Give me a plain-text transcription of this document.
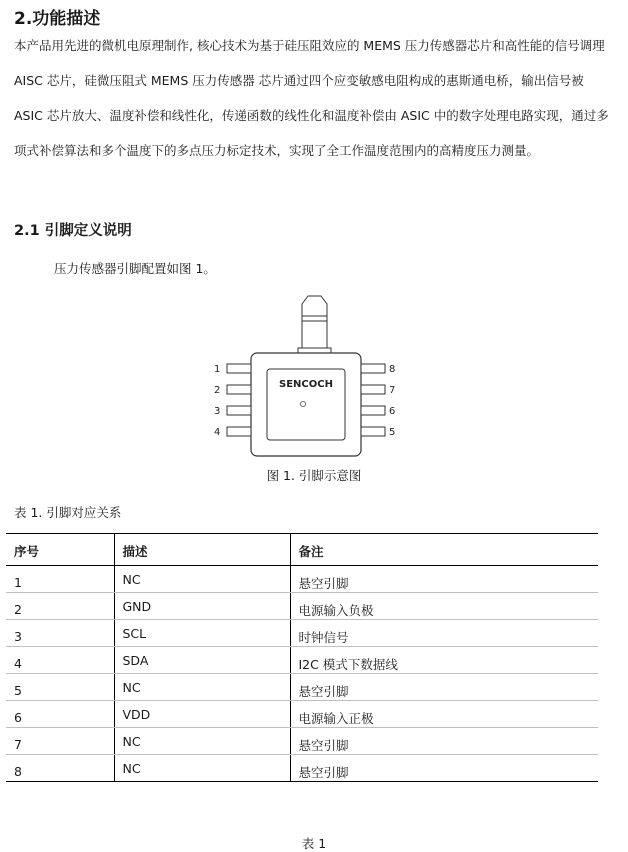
2.功能描述

本产品用先进的微机电原理制作, 核心技术为基于硅压阻效应的 MEMS 压力传感器芯片和高性能的信号调理 AISC 芯片，硅微压阻式 MEMS 压力传感器 芯片通过四个应变敏感电阻构成的惠斯通电桥，输出信号被 ASIC 芯片放大、温度补偿和线性化，传递函数的线性化和温度补偿由 ASIC 中的数字处理电路实现，通过多项式补偿算法和多个温度下的多点压力标定技术，实现了全工作温度范围内的高精度压力测量。

2.1 引脚定义说明

压力传感器引脚配置如图 1。

SENCOCH
1
2
3
4
8
7
6
5

图 1. 引脚示意图

表 1. 引脚对应关系

序号	描述	备注
1	NC	悬空引脚
2	GND	电源输入负极
3	SCL	时钟信号
4	SDA	I2C 模式下数据线
5	NC	悬空引脚
6	VDD	电源输入正极
7	NC	悬空引脚
8	NC	悬空引脚

表 1
